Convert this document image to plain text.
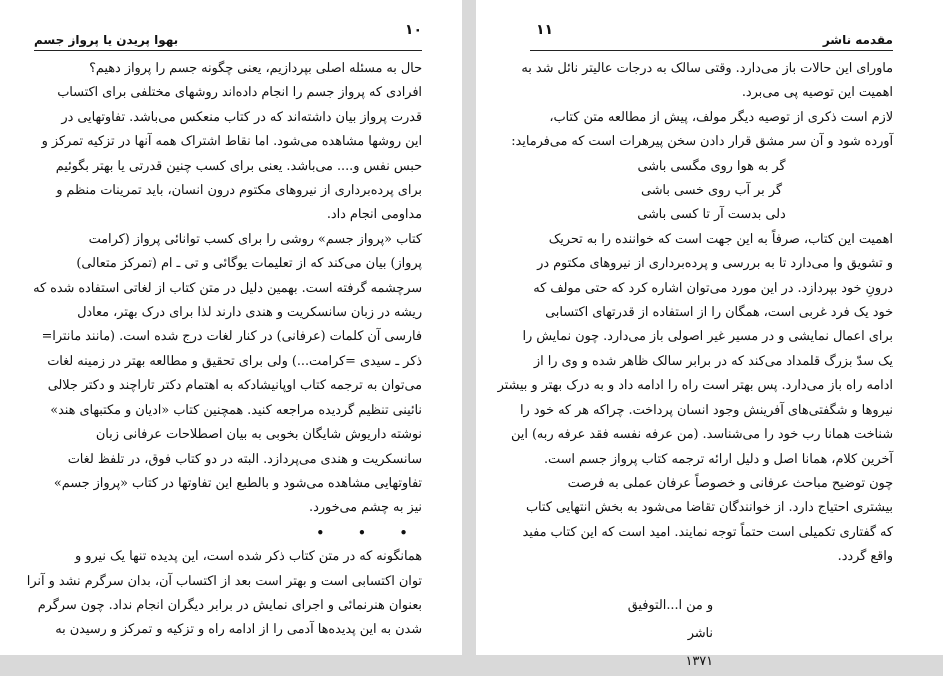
۱۰
بهوا پریدن یا پرواز جسم
حال به مسئله اصلی بپردازیم، یعنی چگونه جسم را پرواز دهیم؟
افرادی که پرواز جسم را انجام داده‌اند روشهای مختلفی برای اکتساب
قدرت پرواز بیان داشته‌اند که در کتاب منعکس می‌باشد. تفاوتهایی در
این روشها مشاهده می‌شود. اما نقاط اشتراک همه آنها در تزکیه تمرکز و
حبس نفس و.... می‌باشد. یعنی برای کسب چنین قدرتی یا بهتر بگوئیم
برای پرده‌برداری از نیروهای مکتوم درون انسان، باید تمرینات منظم و
مداومی انجام داد.
کتاب «پرواز جسم» روشی را برای کسب توانائی پرواز (کرامت
پرواز) بیان می‌کند که از تعلیمات یوگائی و تی ـ ام (تمرکز متعالی)
سرچشمه گرفته است. بهمین دلیل در متن کتاب از لغاتی استفاده شده که
ریشه در زبان سانسکریت و هندی دارند لذا برای درک بهتر، معادل
فارسی آن کلمات (عرفانی) در کنار لغات درج شده است. (مانند مانترا=
ذکر ـ سیدی =کرامت...) ولی برای تحقیق و مطالعه بهتر در زمینه لغات
می‌توان به ترجمه کتاب اوپانیشادکه به اهتمام دکتر تاراچند و دکتر جلالی
نائینی تنظیم گردیده مراجعه کنید. همچنین کتاب «ادیان و مکتبهای هند»
نوشته داریوش شایگان بخوبی به بیان اصطلاحات عرفانی زبان
سانسکریت و هندی می‌پردازد. البته در دو کتاب فوق، در تلفظ لغات
تفاوتهایی مشاهده می‌شود و بالطبع این تفاوتها در کتاب «پرواز جسم»
نیز به چشم می‌خورد.
• • •
همانگونه که در متن کتاب ذکر شده است، این پدیده تنها یک نیرو و
توان اکتسابی است و بهتر است بعد از اکتساب آن، بدان سرگرم نشد و آنرا
بعنوان هنرنمائی و اجرای نمایش در برابر دیگران انجام نداد. چون سرگرم
شدن به این پدیده‌ها آدمی را از ادامه راه و تزکیه و تمرکز و رسیدن به
۱۱
مقدمه ناشر
ماورای این حالات باز می‌دارد. وقتی سالک به درجات عالیتر نائل شد به
اهمیت این توصیه پی می‌برد.
لازم است ذکری از توصیه دیگر مولف، پیش از مطالعه متن کتاب،
آورده شود و آن سر مشق قرار دادن سخن پیرهرات است که می‌فرماید:
گر به هوا روی مگسی باشی
گر بر آب روی خسی باشی
دلی بدست آر تا کسی باشی
اهمیت این کتاب، صرفاً به این جهت است که خواننده را به تحریک
و تشویق وا می‌دارد تا به بررسی و پرده‌برداری از نیروهای مکتوم در
درونِ خود بپردازد. در این مورد می‌توان اشاره کرد که حتی مولف که
خود یک فرد غربی است، همگان را از استفاده از قدرتهای اکتسابی
برای اعمال نمایشی و در مسیر غیر اصولی باز می‌دارد. چون نمایش را
یک سدّ بزرگ قلمداد می‌کند که در برابر سالک ظاهر شده و وی را از
ادامه راه باز می‌دارد. پس بهتر است راه را ادامه داد و به درک بهتر و بیشتر
نیروها و شگفتی‌های آفرینش وجود انسان پرداخت. چراکه هر که خود را
شناخت همانا رب خود را می‌شناسد. (من عرفه نفسه فقد عرفه ربه) این
آخرین کلام، همانا اصل و دلیل ارائه ترجمه کتاب پرواز جسم است.
چون توضیح مباحث عرفانی و خصوصاً عرفان عملی به فرصت
بیشتری احتیاج دارد. از خوانندگان تقاضا می‌شود به بخش انتهایی کتاب
که گفتاری تکمیلی است حتماً توجه نمایند. امید است که این کتاب مفید
واقع گردد.
و من ا...التوفیق
ناشر
۱۳۷۱
